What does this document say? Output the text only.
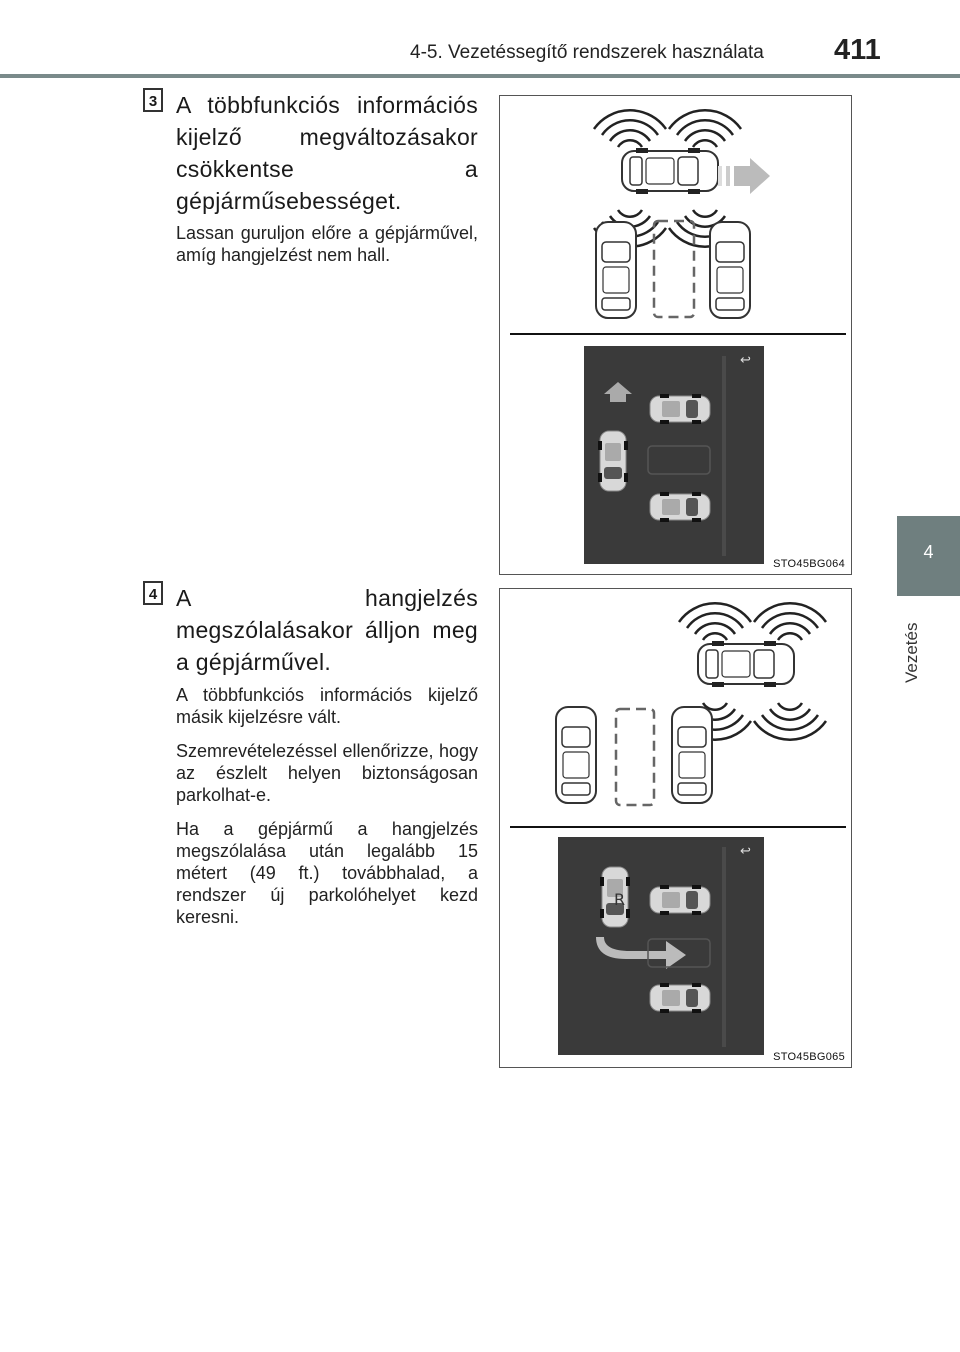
4-5. Vezetéssegítő rendszerek használata 411
4
Vezetés
3 A többfunkciós információs kijelző megváltozásakor csökkentse a gépjárműsebességet.
Lassan guruljon előre a gépjárművel, amíg hangjelzést nem hall.
↩
STO45BG064
4 A hangjelzés megszólalásakor álljon meg a gépjárművel.
A többfunkciós információs kijelző másik kijelzésre vált.
Szemrevételezéssel ellenőrizze, hogy az észlelt helyen biztonságosan parkolhat-e.
Ha a gépjármű a hangjelzés megszólalása után legalább 15 métert (49 ft.) továbbhalad, a rendszer új parkolóhelyet kezd keresni.
↩
R
STO45BG065
